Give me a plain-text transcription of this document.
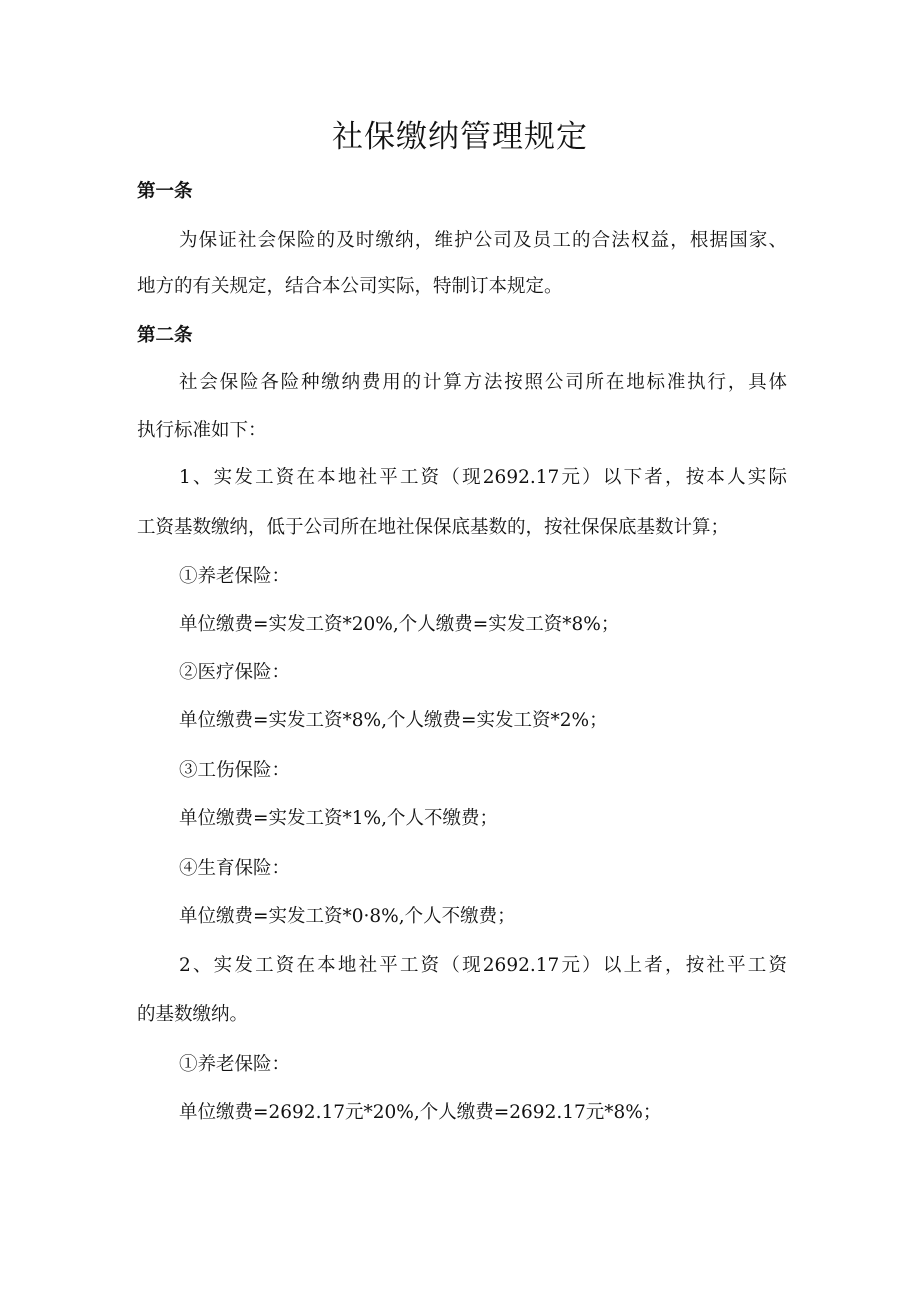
社保缴纳管理规定

第一条

为保证社会保险的及时缴纳，维护公司及员工的合法权益，根据国家、

地方的有关规定，结合本公司实际，特制订本规定。

第二条

社会保险各险种缴纳费用的计算方法按照公司所在地标准执行，具体

执行标准如下：

1、实发工资在本地社平工资（现2692.17元）以下者，按本人实际

工资基数缴纳，低于公司所在地社保保底基数的，按社保保底基数计算；

①养老保险：

单位缴费=实发工资*20%,个人缴费=实发工资*8%；

②医疗保险：

单位缴费=实发工资*8%,个人缴费=实发工资*2%；

③工伤保险：

单位缴费=实发工资*1%,个人不缴费；

④生育保险：

单位缴费=实发工资*0·8%,个人不缴费；

2、实发工资在本地社平工资（现2692.17元）以上者，按社平工资

的基数缴纳。

①养老保险：

单位缴费=2692.17元*20%,个人缴费=2692.17元*8%；
